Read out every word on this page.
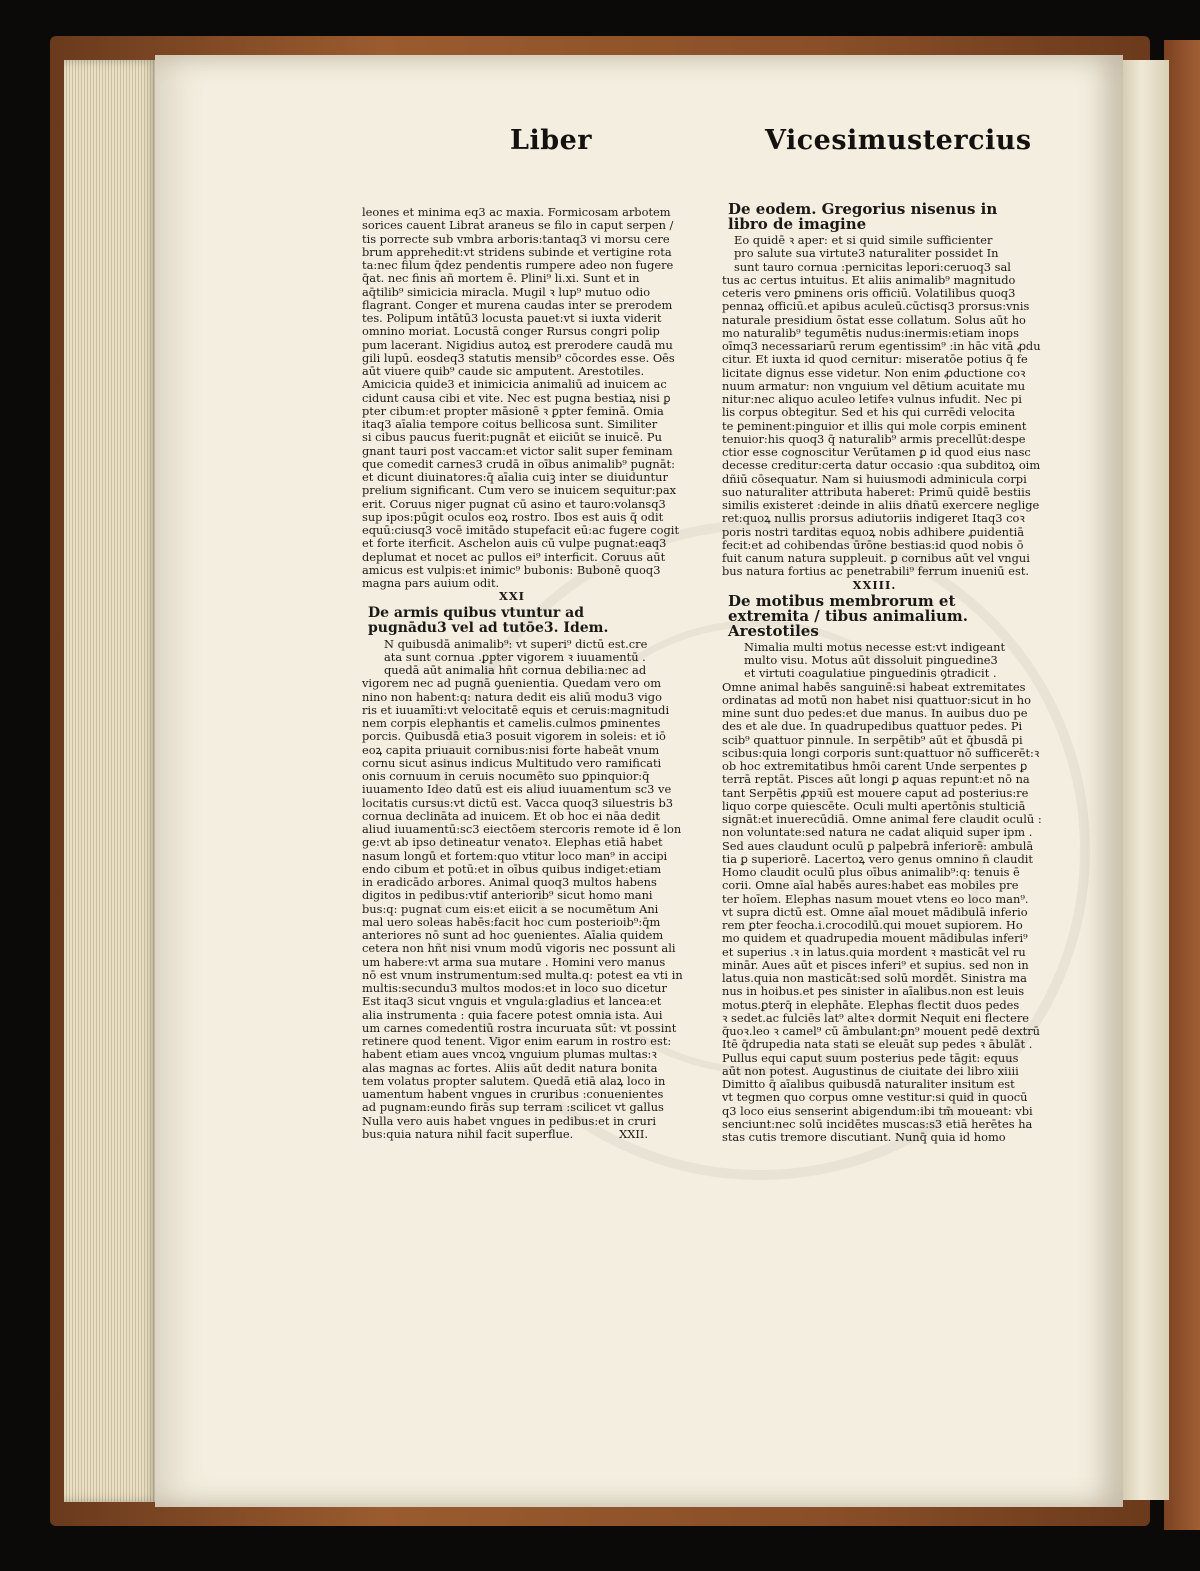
Liber	Vicesimustercius

leones et minima eq3 ac maxia. Formicosam arbotem

sorices cauent Librat araneus se filo in caput serpen /

tis porrecte sub vmbra arboris:tantaq3 vi morsu cere

brum apprehedit:vt stridens subinde et vertigine rota

ta:nec filum q̄dez pendentis rumpere adeo non fugere

q̄at. nec finis añ mortem ē. Plini⁹ li.xi. Sunt et in

aq̄tilib⁹ simicicia miracla. Mugil ꝛ lup⁹ mutuo odio

flagrant. Conger et murena caudas inter se prerodem

tes. Polipum intātū3 locusta pauet:vt si iuxta viderit

omnino moriat. Locustā conger Rursus congri polip

pum lacerant. Nigidius autoꝝ est prerodere caudā mu

gili lupū. eosdeq3 statutis mensib⁹ cōcordes esse. Oēs

aūt viuere quib⁹ caude sic amputent. Arestotiles.

Amicicia quide3 et inimicicia animaliū ad inuicem ac

cidunt causa cibi et vite. Nec est pugna bestiaꝝ nisi ꝑ

pter cibum:et propter māsionē ꝛ ꝑpter feminā. Omia

itaq3 aīalia tempore coitus bellicosa sunt. Similiter

si cibus paucus fuerit:pugnāt et eiiciūt se inuicē. Pu

gnant tauri post vaccam:et victor salit super feminam

que comedit carnes3 crudā in oībus animalib⁹ pugnāt:

et dicunt diuinatores:q̄ aīalia cuiꝫ inter se diuiduntur

prelium significant. Cum vero se inuicem sequitur:pax

erit. Coruus niger pugnat cū asino et tauro:volansq3

sup ipos:pūgit oculos eoꝝ rostro. Ibos est auis q̄ odit

equū:ciusq3 vocē imitādo stupefacit eū:ac fugere cogit

et forte iterficit. Aschelon auis cū vulpe pugnat:eaq3

deplumat et nocet ac pullos ei⁹ interficit. Coruus aūt

amicus est vulpis:et inimic⁹ bubonis: Bubonē quoq3

magna pars auium odit.

XXI

De armis quibus vtuntur ad pugnādu3 vel ad tutōe3. Idem.

N quibusdā animalib⁹: vt superi⁹ dictū est.cre

ata sunt cornua .ꝑpter vigorem ꝛ iuuamentū .

quedā aūt animalia hñt cornua debilia:nec ad

vigorem nec ad pugnā ꝯuenientia. Quedam vero om

nino non habent:q: natura dedit eis aliū modu3 vigo

ris et iuuamīti:vt velocitatē equis et ceruis:magnitudi

nem corpis elephantis et camelis.culmos ꝑminentes

porcis. Quibusdā etia3 posuit vigorem in soleis: et iō

eoꝝ capita priuauit cornibus:nisi forte habeāt vnum

cornu sicut asinus indicus Multitudo vero ramificati

onis cornuum in ceruis nocumēto suo ꝑpinquior:q̄

iuuamento Ideo datū est eis aliud iuuamentum sc3 ve

locitatis cursus:vt dictū est. Vacca quoq3 siluestris b3

cornua declināta ad inuicem. Et ob hoc ei nāa dedit

aliud iuuamentū:sc3 eiectōem stercoris remote id ē lon

ge:vt ab ipso detineatur venatoꝛ. Elephas etiā habet

nasum longū et fortem:quo vtitur loco man⁹ in accipi

endo cibum et potū:et in oībus quibus indiget:etiam

in eradicādo arbores. Animal quoq3 multos habens

digitos in pedibus:vtif anteriorib⁹ sicut homo mani

bus:q: pugnat cum eis:et eiicit a se nocumētum Ani

mal uero soleas habēs:facit hoc cum posterioib⁹:q̄m

anteriores nō sunt ad hoc ꝯuenientes. Aīalia quidem

cetera non hñt nisi vnum modū vigoris nec possunt ali

um habere:vt arma sua mutare . Homini vero manus

nō est vnum instrumentum:sed multa.q: potest ea vti in

multis:secundu3 multos modos:et in loco suo dicetur

Est itaq3 sicut vnguis et vngula:gladius et lancea:et

alia instrumenta : quia facere potest omnia ista. Aui

um carnes comedentiū rostra incuruata sūt: vt possint

retinere quod tenent. Vigor enim earum in rostro est:

habent etiam aues vncoꝝ vnguium plumas multas:ꝛ

alas magnas ac fortes. Aliis aūt dedit natura bonita

tem volatus propter salutem. Quedā etiā alaꝝ loco in

uamentum habent vngues in cruribus :conuenientes

ad pugnam:eundo firās sup terram :scilicet vt gallus

Nulla vero auis habet vngues in pedibus:et in cruri

bus:quia natura nihil facit superflue.	XXII.

De eodem. Gregorius nisenus in libro de imagine

Eo quidē ꝛ aper: et si quid simile sufficienter

pro salute sua virtute3 naturaliter possidet In

sunt tauro cornua :pernicitas lepori:ceruoq3 sal

tus ac certus intuitus. Et aliis animalib⁹ magnitudo

ceteris vero ꝑminens oris officiū. Volatilibus quoq3

pennaꝝ officiū.et apibus aculeū.cūctisq3 prorsus:vnis

naturale presidium ōstat esse collatum. Solus aūt ho

mo naturalib⁹ tegumētis nudus:inermis:etiam inops

oīmq3 necessariarū rerum egentissim⁹ :in hāc vitā ꝓdu

citur. Et iuxta id quod cernitur: miseratōe potius q̄ fe

licitate dignus esse videtur. Non enim ꝓductione coꝛ

nuum armatur: non vnguium vel dētium acuitate mu

nitur:nec aliquo aculeo letifeꝛ vulnus infudit. Nec pi

lis corpus obtegitur. Sed et his qui currēdi velocita

te ꝑeminent:pinguior et illis qui mole corpis eminent

tenuior:his quoq3 q̄ naturalib⁹ armis precellūt:despe

ctior esse cognoscitur Verūtamen ꝑ id quod eius nasc

decesse creditur:certa datur occasio :qua subditoꝝ oim

dñiū cōsequatur. Nam si huiusmodi adminicula corpi

suo naturaliter attributa haberet: Primū quidē bestiis

similis existeret :deinde in aliis dñatū exercere neglige

ret:quoꝝ nullis prorsus adiutoriis indigeret Itaq3 coꝛ

poris nostri tarditas equoꝝ nobis adhibere ꝓuidentiā

fecit:et ad cohibendas ūrōne bestias:id quod nobis ō

fuit canum natura suppleuit. ꝑ cornibus aūt vel vngui

bus natura fortius ac penetrabili⁹ ferrum inueniū est.

XXIII.

De motibus membrorum et extremita / tibus animalium. Arestotiles

Nimalia multi motus necesse est:vt indigeant

multo visu. Motus aūt dissoluit pinguedine3

et virtuti coagulatiue pinguedinis ꝯtradicit .

Omne animal habēs sanguinē:si habeat extremitates

ordinatas ad motū non habet nisi quattuor:sicut in ho

mine sunt duo pedes:et due manus. In auibus duo pe

des et ale due. In quadrupedibus quattuor pedes. Pi

scib⁹ quattuor pinnule. In serpētib⁹ aūt et q̄busdā pi

scibus:quia longi corporis sunt:quattuor nō sufficerēt:ꝛ

ob hoc extremitatibus hmōi carent Unde serpentes ꝑ

terrā reptāt. Pisces aūt longi ꝑ aquas repunt:et nō na

tant Serpētis ꝓpꝛiū est mouere caput ad posterius:re

liquo corpe quiescēte. Oculi multi apertōnis stulticiā

signāt:et inuerecūdiā. Omne animal fere claudit oculū :

non voluntate:sed natura ne cadat aliquid super ipm .

Sed aues claudunt oculū ꝑ palpebrā inferiorē: ambulā

tia ꝑ superiorē. Lacertoꝝ vero genus omnino n̄ claudit

Homo claudit oculū plus oībus animalib⁹:q: tenuis ē

corii. Omne aīal habēs aures:habet eas mobiles pre

ter hoīem. Elephas nasum mouet vtens eo loco man⁹.

vt supra dictū est. Omne aīal mouet mādibulā inferio

rem ꝑter feocha.i.crocodilū.qui mouet supiorem. Ho

mo quidem et quadrupedia mouent mādibulas inferi⁹

et superius .ꝛ in latus.quia mordent ꝛ masticāt vel ru

minār. Aues aūt et pisces inferi⁹ et supius. sed non in

latus.quia non masticāt:sed solū mordēt. Sinistra ma

nus in hoibus.et pes sinister in aīalibus.non est leuis

motus.ꝑterq̄ in elephāte. Elephas flectit duos pedes

ꝛ sedet.ac fulciēs lat⁹ alteꝛ dormit Nequit eni flectere

q̄uoꝛ.leo ꝛ camel⁹ cū āmbulant:ꝑn⁹ mouent pedē dextrū

Itē q̄drupedia nata stati se eleuāt sup pedes ꝛ ābulāt .

Pullus equi caput suum posterius pede tāgit: equus

aūt non potest. Augustinus de ciuitate dei libro xiiii

Dimitto q̄ aīalibus quibusdā naturaliter insitum est

vt tegmen quo corpus omne vestitur:si quid in quocū

q3 loco eius senserint abigendum:ibi tm̄ moueant: vbi

senciunt:nec solū incidētes muscas:s3 etiā herētes ha

stas cutis tremore discutiant. Nunq̄ quia id homo
